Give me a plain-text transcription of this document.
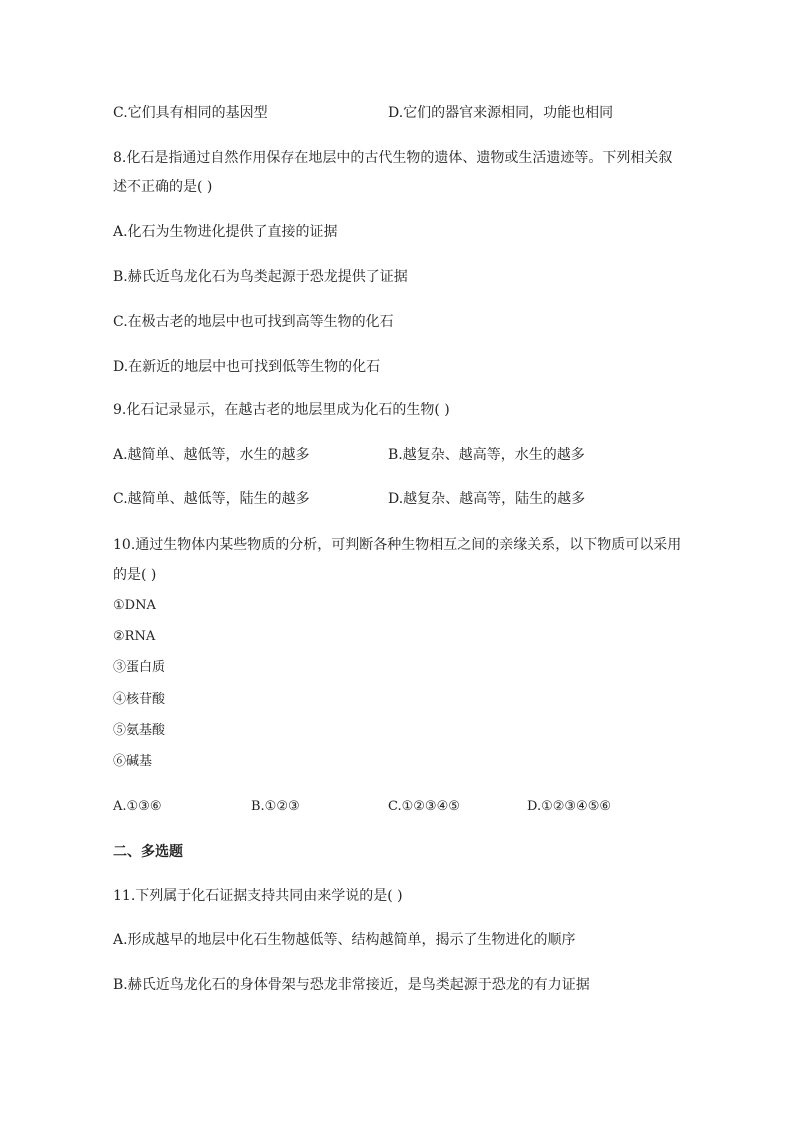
C.它们具有相同的基因型	D.它们的器官来源相同，功能也相同
8.化石是指通过自然作用保存在地层中的古代生物的遗体、遗物或生活遗迹等。下列相关叙
述不正确的是( )
A.化石为生物进化提供了直接的证据
B.赫氏近鸟龙化石为鸟类起源于恐龙提供了证据
C.在极古老的地层中也可找到高等生物的化石
D.在新近的地层中也可找到低等生物的化石
9.化石记录显示，在越古老的地层里成为化石的生物( )
A.越简单、越低等，水生的越多	B.越复杂、越高等，水生的越多
C.越简单、越低等，陆生的越多	D.越复杂、越高等，陆生的越多
10.通过生物体内某些物质的分析，可判断各种生物相互之间的亲缘关系，以下物质可以采用
的是( )
①DNA
②RNA
③蛋白质
④核苷酸
⑤氨基酸
⑥碱基
A.①③⑥	B.①②③	C.①②③④⑤	D.①②③④⑤⑥
二、多选题
11.下列属于化石证据支持共同由来学说的是( )
A.形成越早的地层中化石生物越低等、结构越简单，揭示了生物进化的顺序
B.赫氏近鸟龙化石的身体骨架与恐龙非常接近，是鸟类起源于恐龙的有力证据
